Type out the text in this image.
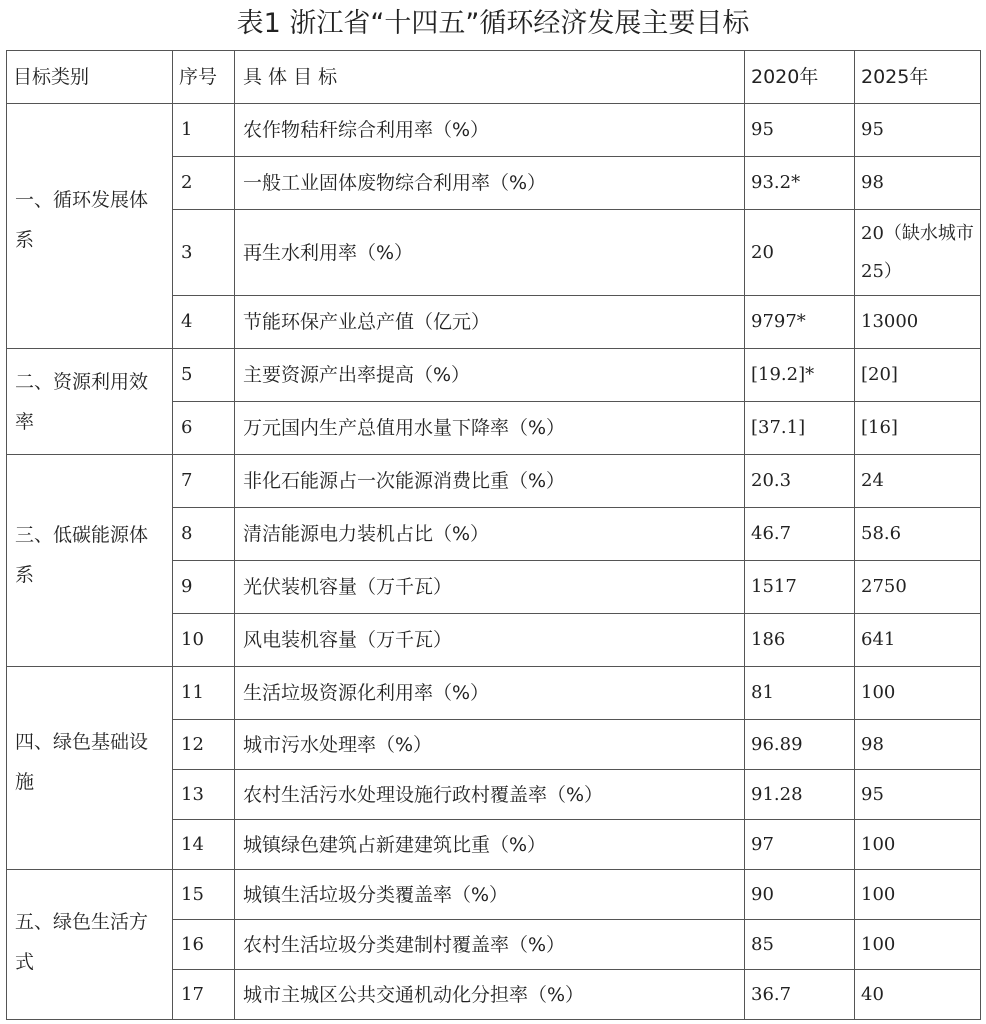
表1 浙江省“十四五”循环经济发展主要目标
目标类别	序号	具 体 目 标	2020年	2025年

一、循环发展体系	1	农作物秸秆综合利用率（%）	95	95
	2	一般工业固体废物综合利用率（%）	93.2*	98
	3	再生水利用率（%）	20	20（缺水城市25）
	4	节能环保产业总产值（亿元）	9797*	13000

二、资源利用效率	5	主要资源产出率提高（%）	[19.2]*	[20]
	6	万元国内生产总值用水量下降率（%）	[37.1]	[16]

三、低碳能源体系	7	非化石能源占一次能源消费比重（%）	20.3	24
	8	清洁能源电力装机占比（%）	46.7	58.6
	9	光伏装机容量（万千瓦）	1517	2750
	10	风电装机容量（万千瓦）	186	641

四、绿色基础设施	11	生活垃圾资源化利用率（%）	81	100
	12	城市污水处理率（%）	96.89	98
	13	农村生活污水处理设施行政村覆盖率（%）	91.28	95
	14	城镇绿色建筑占新建建筑比重（%）	97	100

五、绿色生活方式	15	城镇生活垃圾分类覆盖率（%）	90	100
	16	农村生活垃圾分类建制村覆盖率（%）	85	100
	17	城市主城区公共交通机动化分担率（%）	36.7	40
